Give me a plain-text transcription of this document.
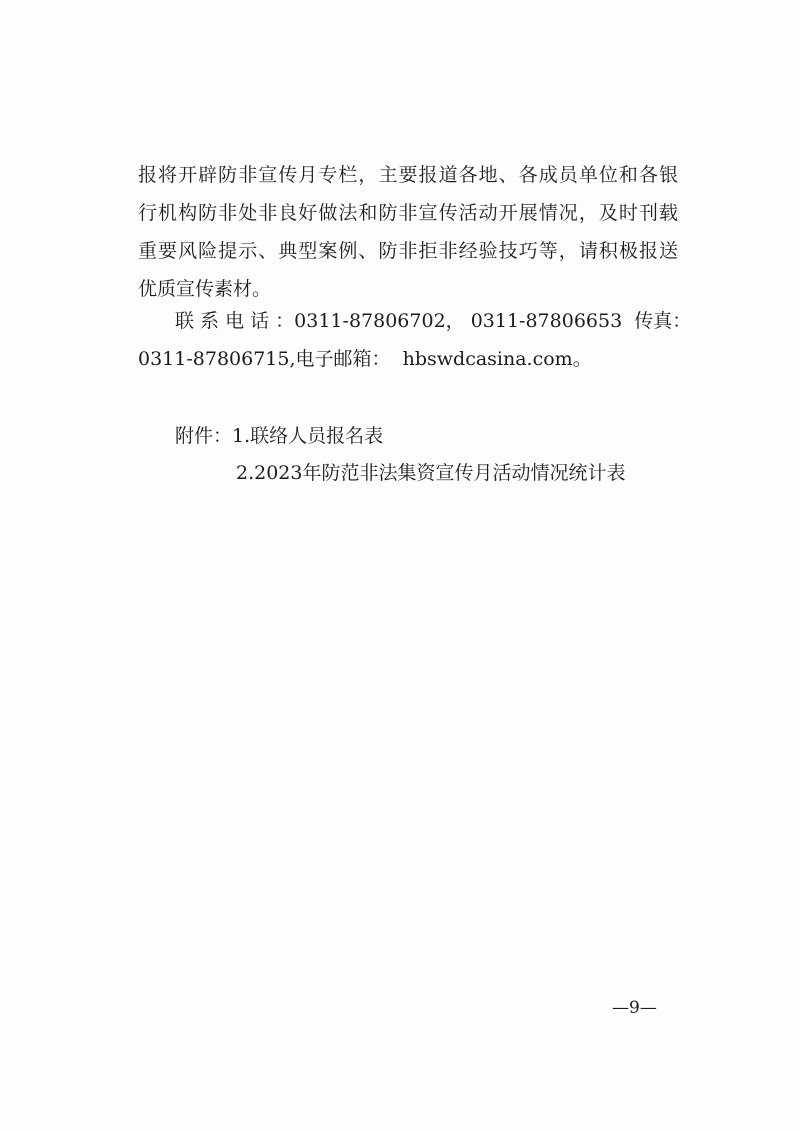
报将开辟防非宣传月专栏，主要报道各地、各成员单位和各银
行机构防非处非良好做法和防非宣传活动开展情况，及时刊载
重要风险提示、典型案例、防非拒非经验技巧等，请积极报送
优质宣传素材。
联 系 电 话 ：0311-87806702， 0311-87806653 传真：
0311-87806715,电子邮箱： hbswdcasina.com。
附件：1.联络人员报名表
2.2023年防范非法集资宣传月活动情况统计表
—9—
